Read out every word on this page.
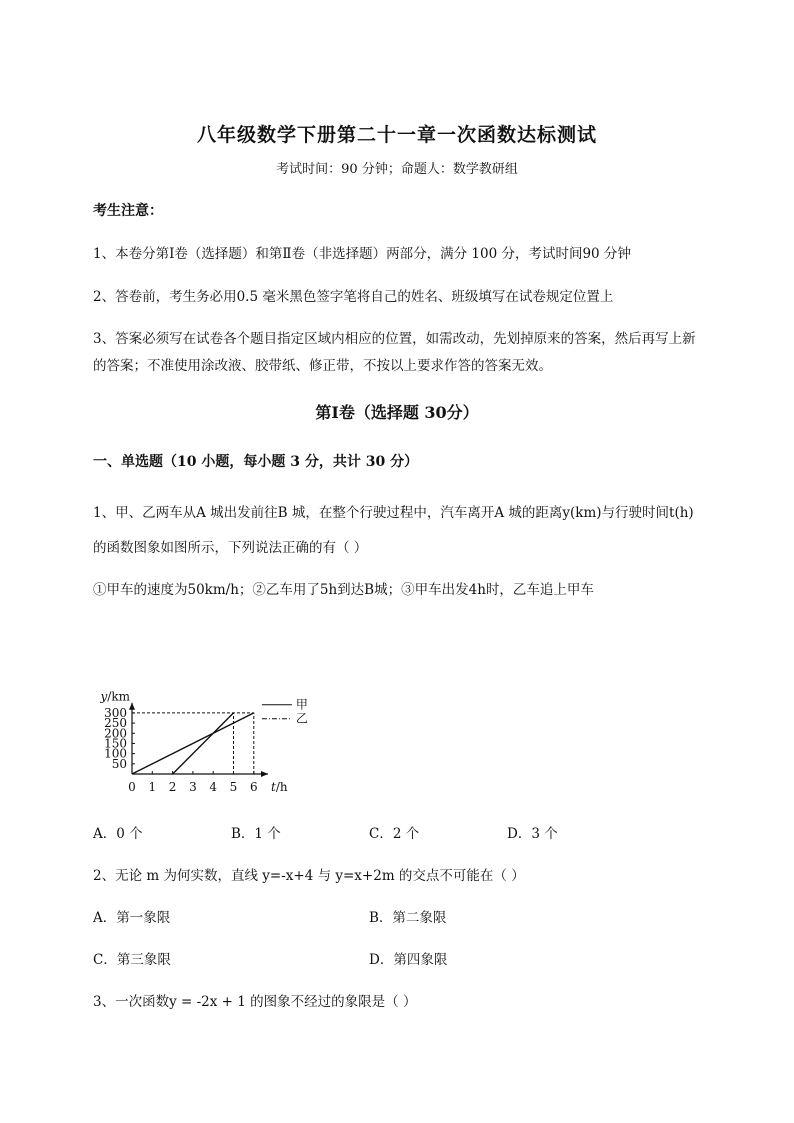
八年级数学下册第二十一章一次函数达标测试
考试时间：90 分钟；命题人：数学教研组
考生注意：
1、本卷分第Ⅰ卷（选择题）和第Ⅱ卷（非选择题）两部分，满分 100 分，考试时间90 分钟
2、答卷前，考生务必用0.5 毫米黑色签字笔将自己的姓名、班级填写在试卷规定位置上
3、答案必须写在试卷各个题目指定区域内相应的位置，如需改动，先划掉原来的答案，然后再写上新
的答案；不准使用涂改液、胶带纸、修正带，不按以上要求作答的答案无效。
第Ⅰ卷（选择题 30分）
一、单选题（10 小题，每小题 3 分，共计 30 分）
1、甲、乙两车从A 城出发前往B 城，在整个行驶过程中，汽车离开A 城的距离y(km)与行驶时间t(h)
的函数图象如图所示，下列说法正确的有（ ）
①甲车的速度为50km/h；②乙车用了5h到达B城；③甲车出发4h时，乙车追上甲车
0 1 2 3 4 5 6
50
100
150
200
250
300
t/h
y/km
甲
乙
A．0 个	B．1 个	C．2 个	D．3 个
2、无论 m 为何实数，直线 y=-x+4 与 y=x+2m 的交点不可能在（ ）
A．第一象限	B．第二象限
C．第三象限	D．第四象限
3、一次函数y = -2x + 1 的图象不经过的象限是（ ）
